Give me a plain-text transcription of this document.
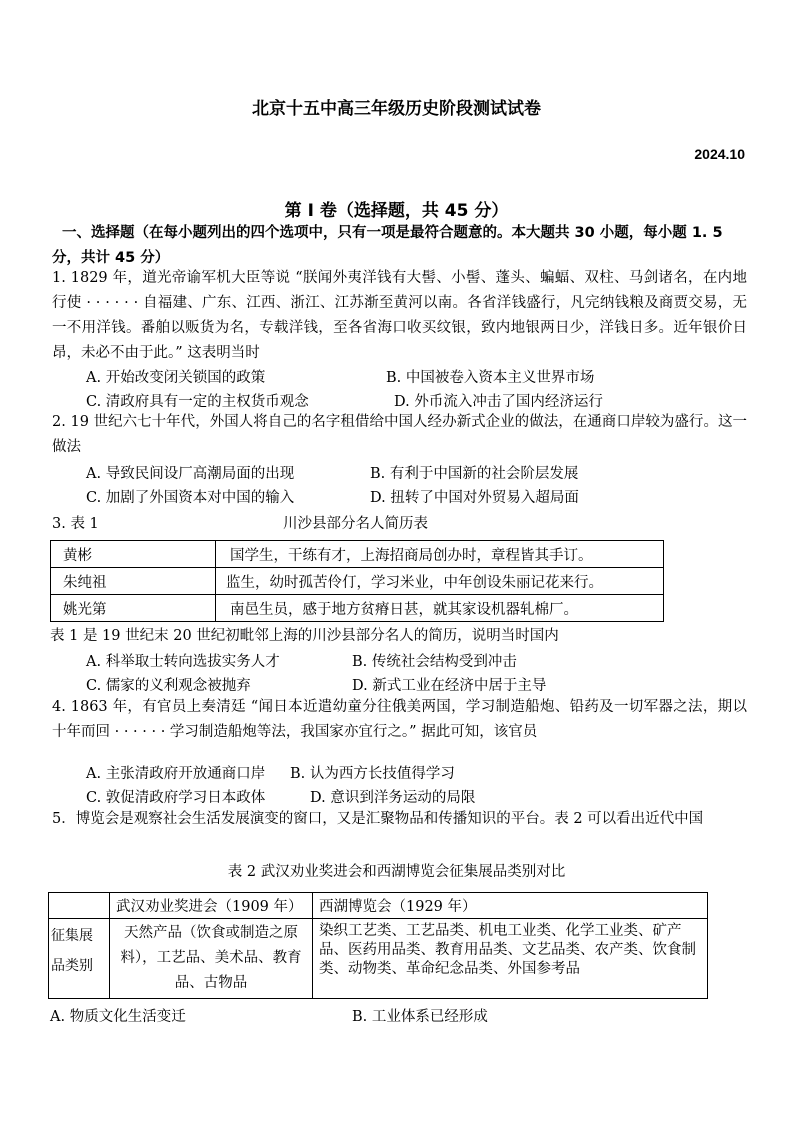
北京十五中高三年级历史阶段测试试卷
2024.10
第 I 卷（选择题，共 45 分）
一、选择题（在每小题列出的四个选项中，只有一项是最符合题意的。本大题共 30 小题，每小题 1. 5 分，共计 45 分）
1. 1829 年，道光帝谕军机大臣等说 “朕闻外夷洋钱有大髻、小髻、蓬头、蝙蝠、双柱、马剑诸名，在内地行使 · · · · · · 自福建、广东、江西、浙江、江苏渐至黄河以南。各省洋钱盛行，凡完纳钱粮及商贾交易，无一不用洋钱。番舶以贩货为名，专载洋钱，至各省海口收买纹银，致内地银两日少，洋钱日多。近年银价日昂，未必不由于此。” 这表明当时
A. 开始改变闭关锁国的政策	B. 中国被卷入资本主义世界市场
C. 清政府具有一定的主权货币观念	D. 外币流入冲击了国内经济运行
2. 19 世纪六七十年代，外国人将自己的名字租借给中国人经办新式企业的做法，在通商口岸较为盛行。这一做法
A. 导致民间设厂高潮局面的出现	B. 有利于中国新的社会阶层发展
C. 加剧了外国资本对中国的输入	D. 扭转了中国对外贸易入超局面
3. 表 1	川沙县部分名人简历表
黄彬	国学生，干练有才，上海招商局创办时，章程皆其手订。
朱纯祖	监生，幼时孤苦伶仃，学习米业，中年创设朱丽记花来行。
姚光第	南邑生员，感于地方贫瘠日甚，就其家设机器轧棉厂。
表 1 是 19 世纪末 20 世纪初毗邻上海的川沙县部分名人的简历，说明当时国内
A. 科举取士转向选拔实务人才	B. 传统社会结构受到冲击
C. 儒家的义利观念被抛弃	D. 新式工业在经济中居于主导
4. 1863 年，有官员上奏清廷 “闻日本近遣幼童分往俄美两国，学习制造船炮、铅药及一切军器之法，期以十年而回 · · · · · · 学习制造船炮等法，我国家亦宜行之。” 据此可知，该官员
A. 主张清政府开放通商口岸 B. 认为西方长技值得学习
C. 敦促清政府学习日本政体	D. 意识到洋务运动的局限
5．博览会是观察社会生活发展演变的窗口，又是汇聚物品和传播知识的平台。表 2 可以看出近代中国
表 2 武汉劝业奖进会和西湖博览会征集展品类别对比
	武汉劝业奖进会（1909 年）	西湖博览会（1929 年）

征集展
品类别	天然产品（饮食或制造之原料），工艺品、美术品、教育品、古物品	染织工艺类、工艺品类、机电工业类、化学工业类、矿产品、医药用品类、教育用品类、文艺品类、农产类、饮食制类、动物类、革命纪念品类、外国参考品
A. 物质文化生活变迁	B. 工业体系已经形成
